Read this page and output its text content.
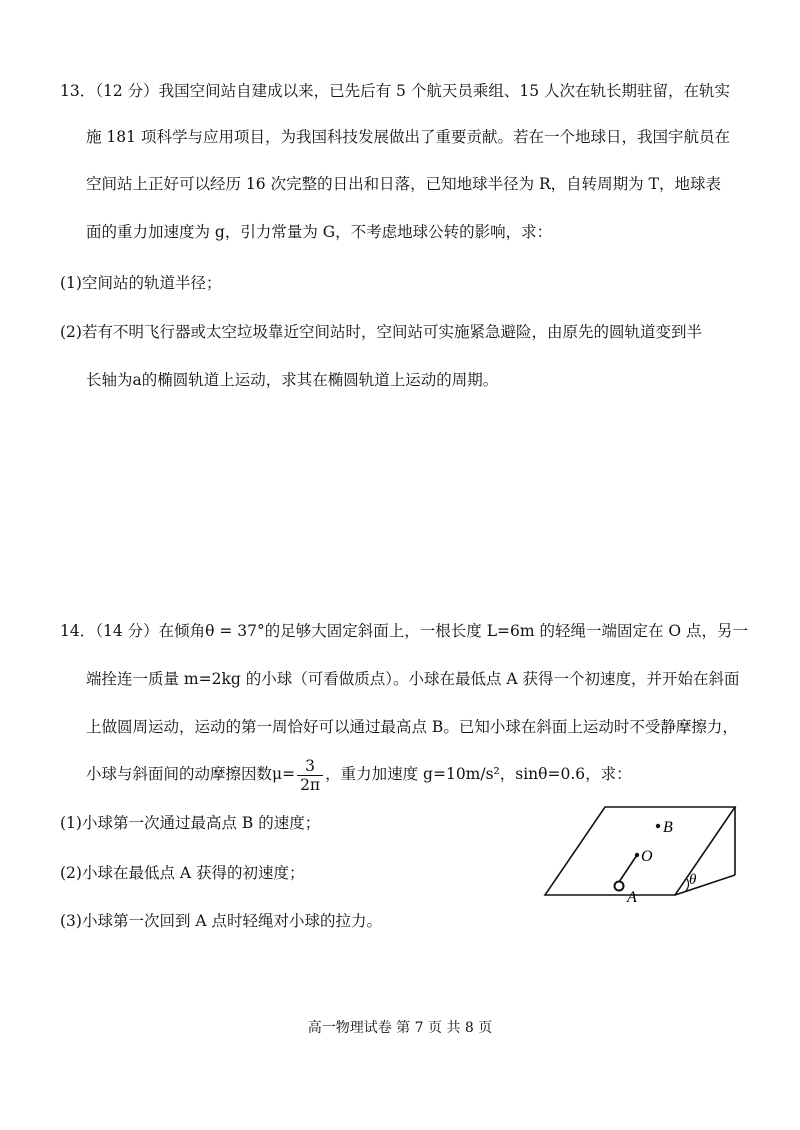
13．（12 分）我国空间站自建成以来，已先后有 5 个航天员乘组、15 人次在轨长期驻留，在轨实
施 181 项科学与应用项目，为我国科技发展做出了重要贡献。若在一个地球日，我国宇航员在
空间站上正好可以经历 16 次完整的日出和日落，已知地球半径为 R，自转周期为 T，地球表
面的重力加速度为 g，引力常量为 G，不考虑地球公转的影响，求：
(1)空间站的轨道半径；
(2)若有不明飞行器或太空垃圾靠近空间站时，空间站可实施紧急避险，由原先的圆轨道变到半
长轴为a的椭圆轨道上运动，求其在椭圆轨道上运动的周期。
14．（14 分）在倾角θ = 37°的足够大固定斜面上，一根长度 L=6m 的轻绳一端固定在 O 点，另一
端拴连一质量 m=2kg 的小球（可看做质点）。小球在最低点 A 获得一个初速度，并开始在斜面
上做圆周运动，运动的第一周恰好可以通过最高点 B。已知小球在斜面上运动时不受静摩擦力，
小球与斜面间的动摩擦因数$\mu= \frac{3}{2\pi}$ ，重力加速度 g=10m/s²，sinθ=0.6，求：
(1)小球第一次通过最高点 B 的速度；
(2)小球在最低点 A 获得的初速度；
(3)小球第一次回到 A 点时轻绳对小球的拉力。
B
O
A
θ
高一物理试卷 第 7 页 共 8 页
